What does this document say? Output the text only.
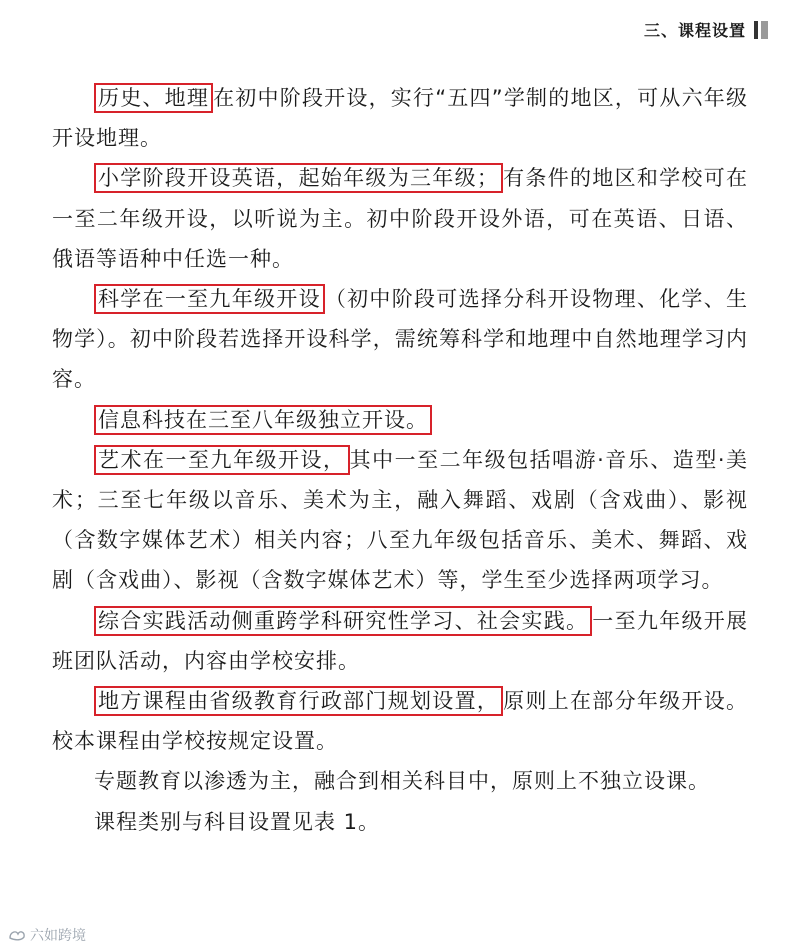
三、课程设置

历史、地理 在初中阶段开设，实行“五四”学制的地区，可从六年级开设地理。

小学阶段开设英语，起始年级为三年级； 有条件的地区和学校可在一至二年级开设，以听说为主。初中阶段开设外语，可在英语、日语、俄语等语种中任选一种。

科学在一至九年级开设 （初中阶段可选择分科开设物理、化学、生物学）。初中阶段若选择开设科学，需统筹科学和地理中自然地理学习内容。

信息科技在三至八年级独立开设。

艺术在一至九年级开设， 其中一至二年级包括唱游·音乐、造型·美术；三至七年级以音乐、美术为主，融入舞蹈、戏剧（含戏曲）、影视（含数字媒体艺术）相关内容；八至九年级包括音乐、美术、舞蹈、戏剧（含戏曲）、影视（含数字媒体艺术）等，学生至少选择两项学习。

综合实践活动侧重跨学科研究性学习、社会实践。 一至九年级开展班团队活动，内容由学校安排。

地方课程由省级教育行政部门规划设置， 原则上在部分年级开设。校本课程由学校按规定设置。

专题教育以渗透为主，融合到相关科目中，原则上不独立设课。

课程类别与科目设置见表 1。

六如跨境
